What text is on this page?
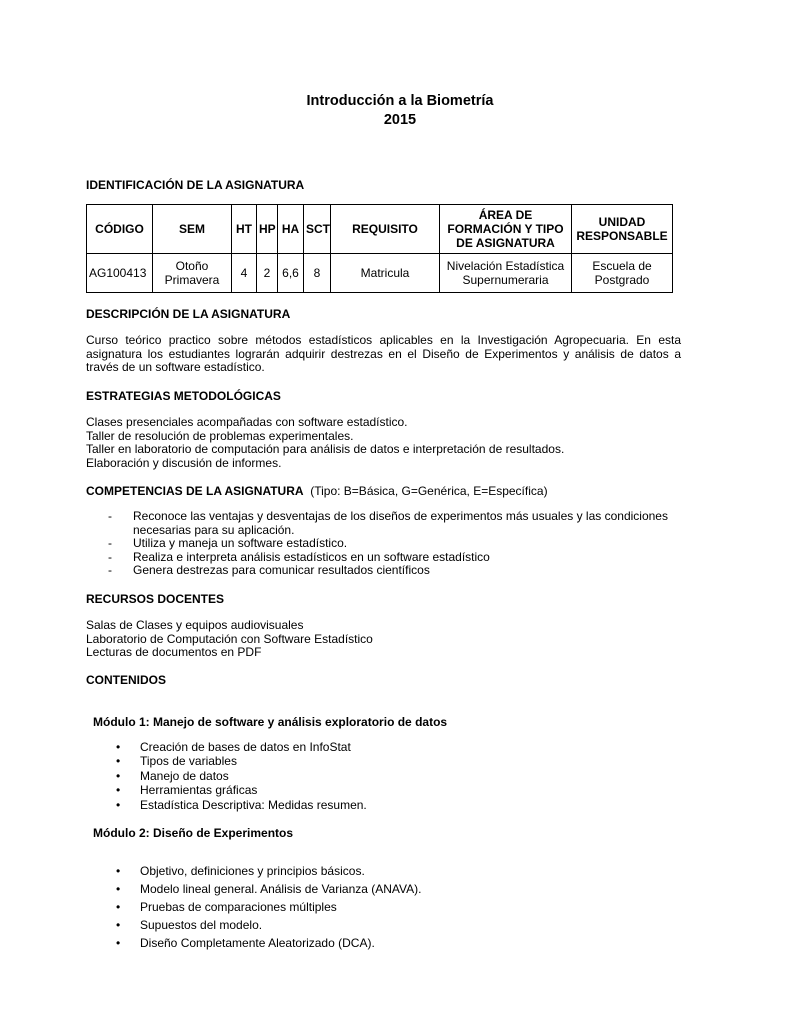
Introducción a la Biometría
2015
IDENTIFICACIÓN DE LA ASIGNATURA
CÓDIGO	SEM	HT	HP	HA	SCT	REQUISITO	ÁREA DE FORMACIÓN Y TIPO DE ASIGNATURA	UNIDAD RESPONSABLE
AG100413	Otoño Primavera	4	2	6,6	8	Matricula	Nivelación Estadística Supernumeraria	Escuela de Postgrado
DESCRIPCIÓN DE LA ASIGNATURA
Curso teórico practico sobre métodos estadísticos aplicables en la Investigación Agropecuaria. En esta asignatura los estudiantes lograrán adquirir destrezas en el Diseño de Experimentos y análisis de datos a través de un software estadístico.
ESTRATEGIAS METODOLÓGICAS
Clases presenciales acompañadas con software estadístico.
Taller de resolución de problemas experimentales.
Taller en laboratorio de computación para análisis de datos e interpretación de resultados.
Elaboración y discusión de informes.
COMPETENCIAS DE LA ASIGNATURA (Tipo: B=Básica, G=Genérica, E=Específica)
- Reconoce las ventajas y desventajas de los diseños de experimentos más usuales y las condiciones necesarias para su aplicación.
- Utiliza y maneja un software estadístico.
- Realiza e interpreta análisis estadísticos en un software estadístico
- Genera destrezas para comunicar resultados científicos
RECURSOS DOCENTES
Salas de Clases y equipos audiovisuales
Laboratorio de Computación con Software Estadístico
Lecturas de documentos en PDF
CONTENIDOS
Módulo 1: Manejo de software y análisis exploratorio de datos
• Creación de bases de datos en InfoStat
• Tipos de variables
• Manejo de datos
• Herramientas gráficas
• Estadística Descriptiva: Medidas resumen.
Módulo 2: Diseño de Experimentos
• Objetivo, definiciones y principios básicos.
• Modelo lineal general. Análisis de Varianza (ANAVA).
• Pruebas de comparaciones múltiples
• Supuestos del modelo.
• Diseño Completamente Aleatorizado (DCA).
